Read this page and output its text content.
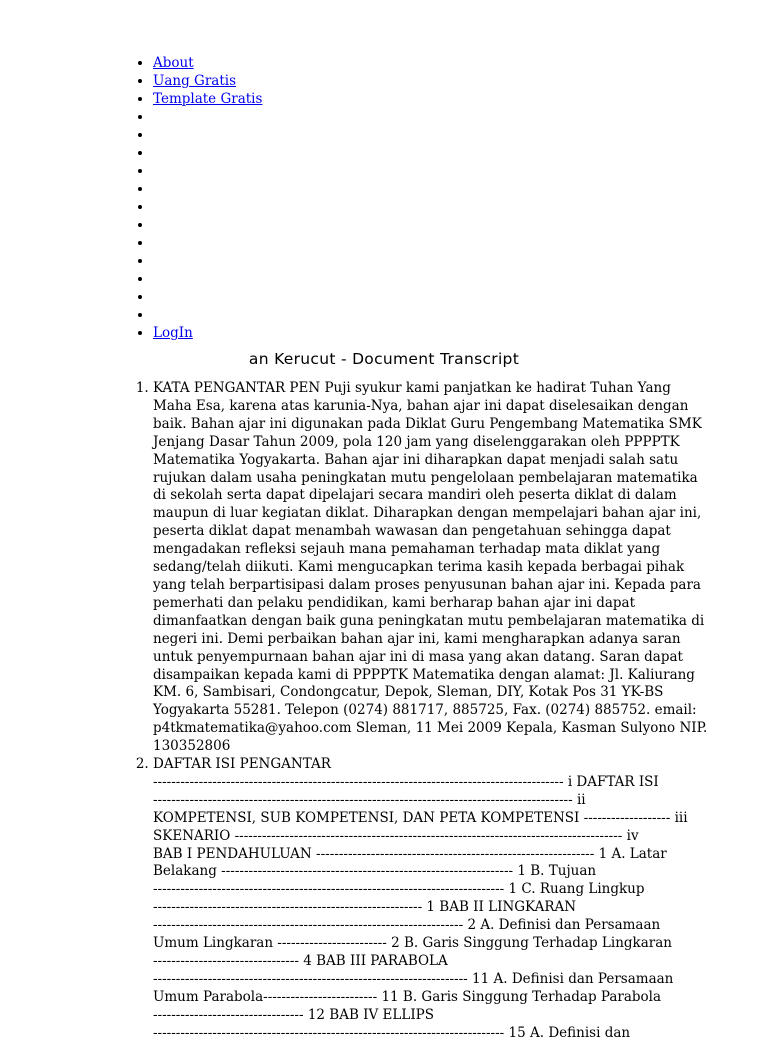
• About
• Uang Gratis
• Template Gratis
•
•
•
•
•
•
•
•
•
•
•
•
• LogIn
an Kerucut - Document Transcript
1. KATA PENGANTAR PEN Puji syukur kami panjatkan ke hadirat Tuhan Yang Maha Esa, karena atas karunia-Nya, bahan ajar ini dapat diselesaikan dengan baik. Bahan ajar ini digunakan pada Diklat Guru Pengembang Matematika SMK Jenjang Dasar Tahun 2009, pola 120 jam yang diselenggarakan oleh PPPPTK Matematika Yogyakarta. Bahan ajar ini diharapkan dapat menjadi salah satu rujukan dalam usaha peningkatan mutu pengelolaan pembelajaran matematika di sekolah serta dapat dipelajari secara mandiri oleh peserta diklat di dalam maupun di luar kegiatan diklat. Diharapkan dengan mempelajari bahan ajar ini, peserta diklat dapat menambah wawasan dan pengetahuan sehingga dapat mengadakan refleksi sejauh mana pemahaman terhadap mata diklat yang sedang/telah diikuti. Kami mengucapkan terima kasih kepada berbagai pihak yang telah berpartisipasi dalam proses penyusunan bahan ajar ini. Kepada para pemerhati dan pelaku pendidikan, kami berharap bahan ajar ini dapat dimanfaatkan dengan baik guna peningkatan mutu pembelajaran matematika di negeri ini. Demi perbaikan bahan ajar ini, kami mengharapkan adanya saran untuk penyempurnaan bahan ajar ini di masa yang akan datang. Saran dapat disampaikan kepada kami di PPPPTK Matematika dengan alamat: Jl. Kaliurang KM. 6, Sambisari, Condongcatur, Depok, Sleman, DIY, Kotak Pos 31 YK-BS Yogyakarta 55281. Telepon (0274) 881717, 885725, Fax. (0274) 885752. email: p4tkmatematika@yahoo.com Sleman, 11 Mei 2009 Kepala, Kasman Sulyono NIP. 130352806
2. DAFTAR ISI PENGANTAR
------------------------------------------------------------------------------------------ i DAFTAR ISI
-------------------------------------------------------------------------------------------- ii
KOMPETENSI, SUB KOMPETENSI, DAN PETA KOMPETENSI ------------------- iii
SKENARIO ------------------------------------------------------------------------------------- iv
BAB I PENDAHULUAN ------------------------------------------------------------- 1 A. Latar
Belakang ---------------------------------------------------------------- 1 B. Tujuan
----------------------------------------------------------------------------- 1 C. Ruang Lingkup
----------------------------------------------------------- 1 BAB II LINGKARAN
-------------------------------------------------------------------- 2 A. Definisi dan Persamaan
Umum Lingkaran ------------------------ 2 B. Garis Singgung Terhadap Lingkaran
-------------------------------- 4 BAB III PARABOLA
--------------------------------------------------------------------- 11 A. Definisi dan Persamaan
Umum Parabola------------------------- 11 B. Garis Singgung Terhadap Parabola
--------------------------------- 12 BAB IV ELLIPS
----------------------------------------------------------------------------- 15 A. Definisi dan
